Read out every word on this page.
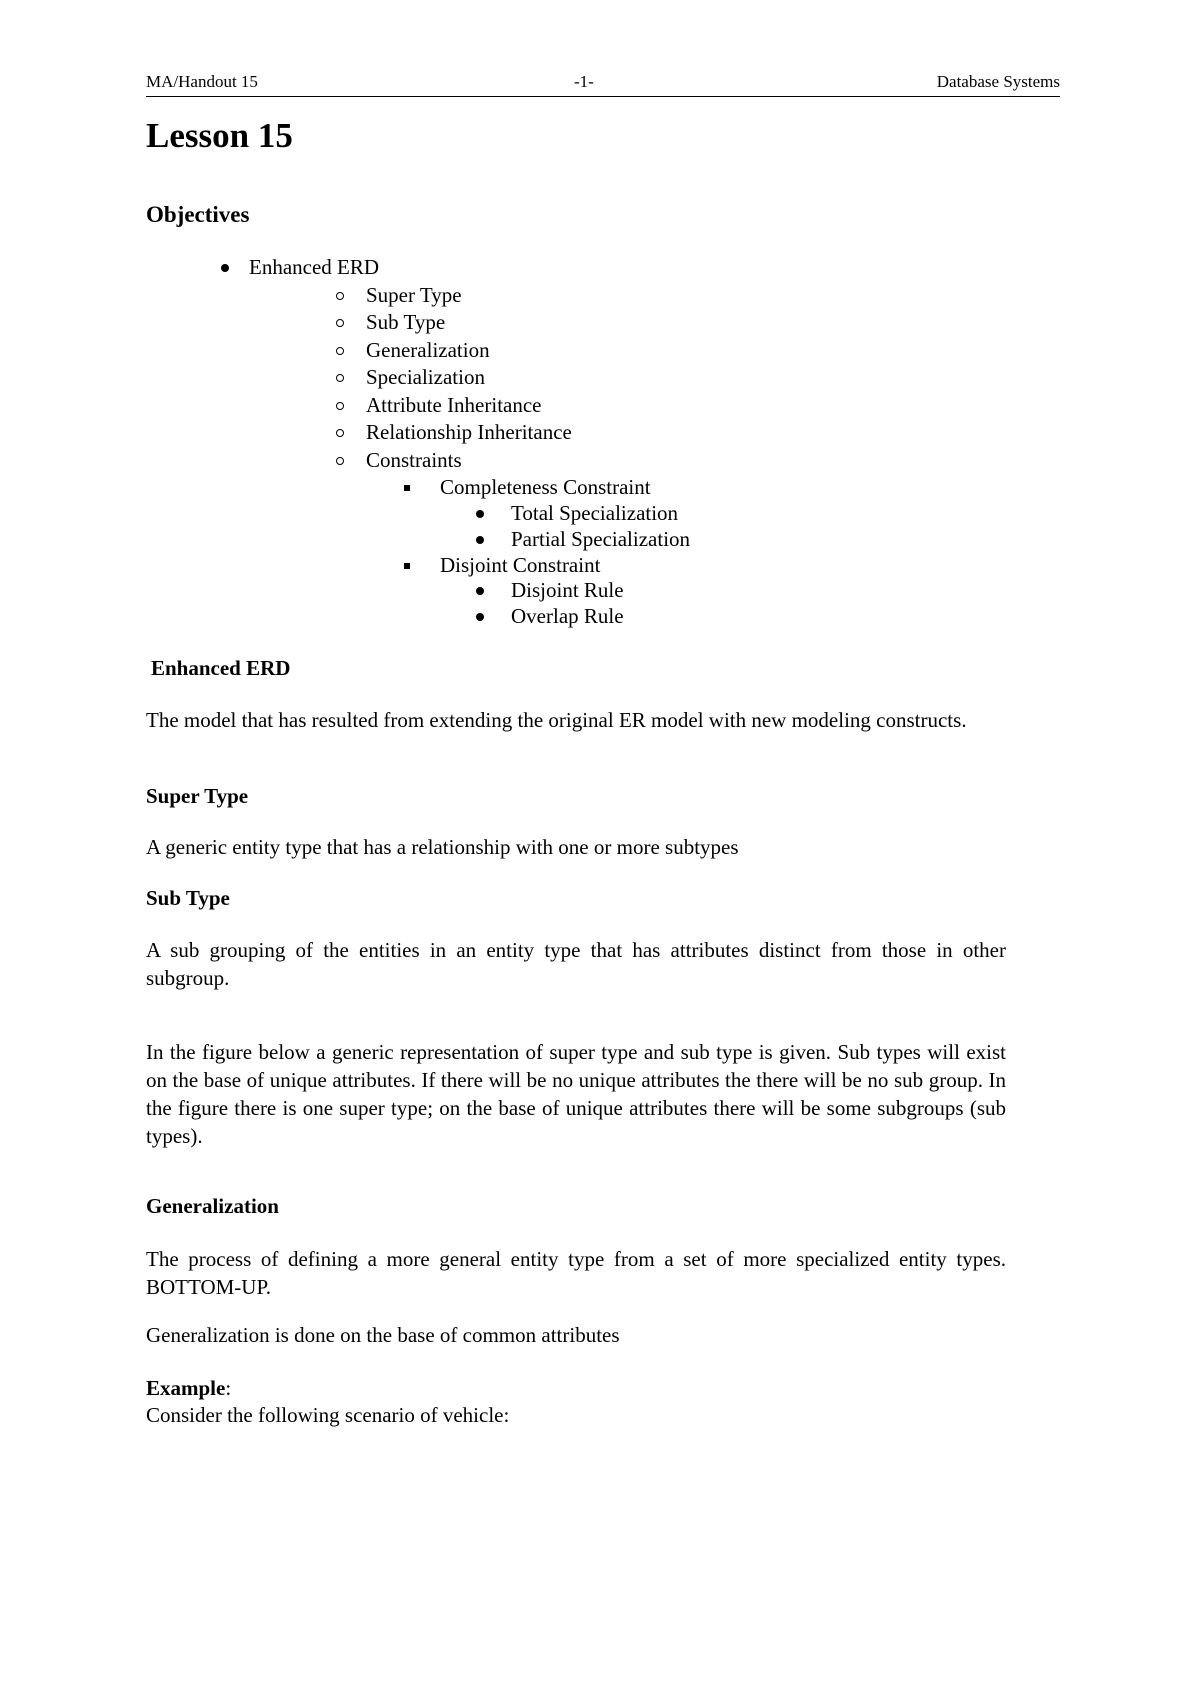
MA/Handout 15	-1-	Database Systems
Lesson 15
Objectives
Enhanced ERD
Super Type
Sub Type
Generalization
Specialization
Attribute Inheritance
Relationship Inheritance
Constraints
Completeness Constraint
Total Specialization
Partial Specialization
Disjoint Constraint
Disjoint Rule
Overlap Rule
Enhanced ERD
The model that has resulted from extending the original ER model with new modeling constructs.
Super Type
A generic entity type that has a relationship with one or more subtypes
Sub Type
A sub grouping of the entities in an entity type that has attributes distinct from those in other subgroup.
In the figure below a generic representation of super type and sub type is given. Sub types will exist on the base of unique attributes. If there will be no unique attributes the there will be no sub group. In the figure there is one super type; on the base of unique attributes there will be some subgroups (sub types).
Generalization
The process of defining a more general entity type from a set of more specialized entity types. BOTTOM-UP.
Generalization is done on the base of common attributes
Example:
Consider the following scenario of vehicle:
